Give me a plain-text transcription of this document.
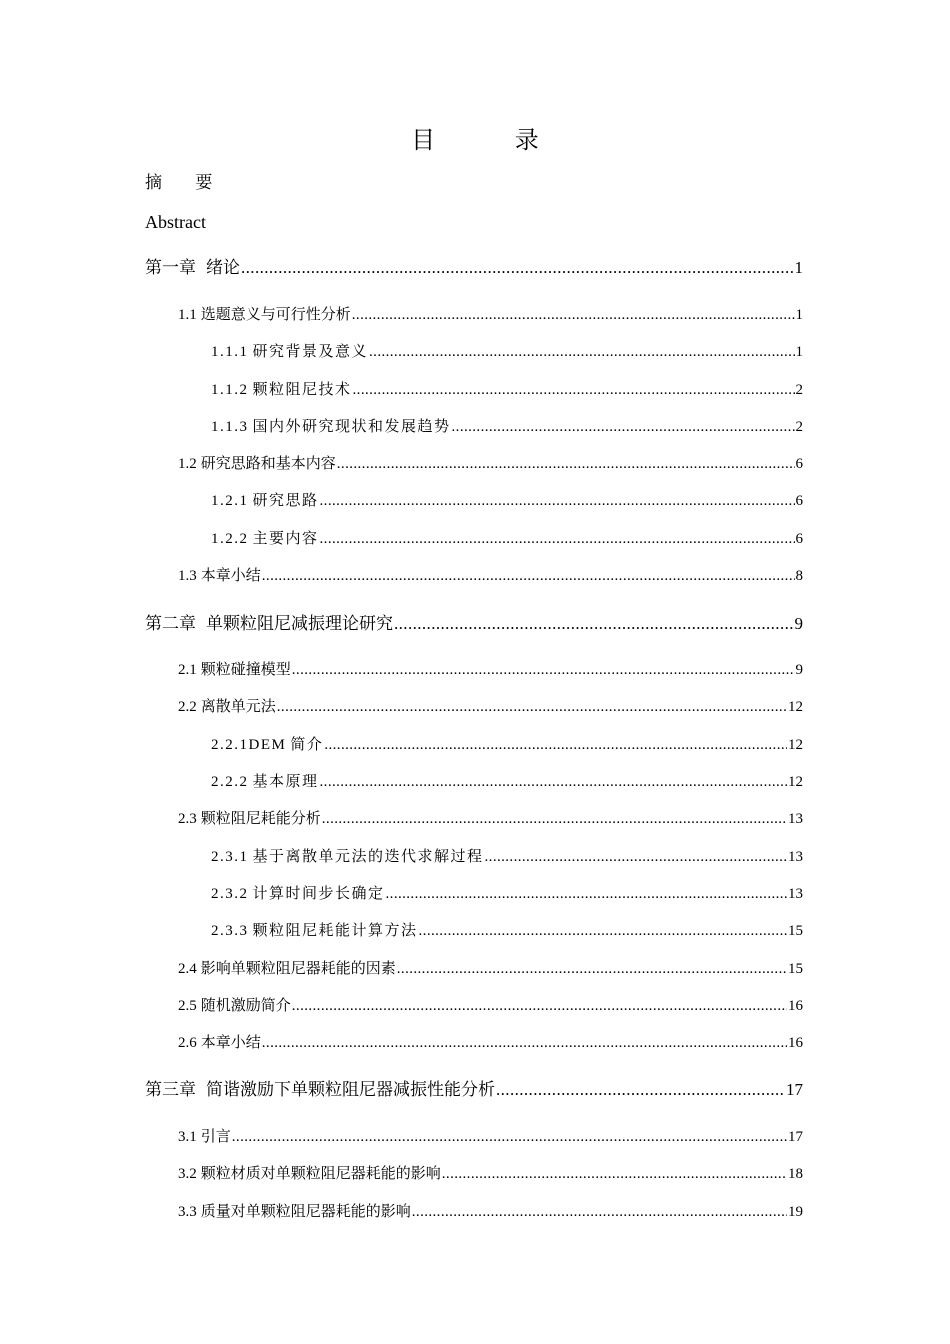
目 录
摘 要
Abstract
第一章 绪论 .....	1
1.1 选题意义与可行性分析 .....	1
1.1.1 研究背景及意义 .....	1
1.1.2 颗粒阻尼技术 .....	2
1.1.3 国内外研究现状和发展趋势 .....	2
1.2 研究思路和基本内容 .....	6
1.2.1 研究思路 .....	6
1.2.2 主要内容 .....	6
1.3 本章小结 .....	8
第二章 单颗粒阻尼减振理论研究 .....	9
2.1 颗粒碰撞模型 .....	9
2.2 离散单元法 .....	12
2.2.1DEM 简介 .....	12
2.2.2 基本原理 .....	12
2.3 颗粒阻尼耗能分析 .....	13
2.3.1 基于离散单元法的迭代求解过程 .....	13
2.3.2 计算时间步长确定 .....	13
2.3.3 颗粒阻尼耗能计算方法 .....	15
2.4 影响单颗粒阻尼器耗能的因素 .....	15
2.5 随机激励简介 .....	16
2.6 本章小结 .....	16
第三章 简谐激励下单颗粒阻尼器减振性能分析 .....	17
3.1 引言 .....	17
3.2 颗粒材质对单颗粒阻尼器耗能的影响 .....	18
3.3 质量对单颗粒阻尼器耗能的影响 .....	19
